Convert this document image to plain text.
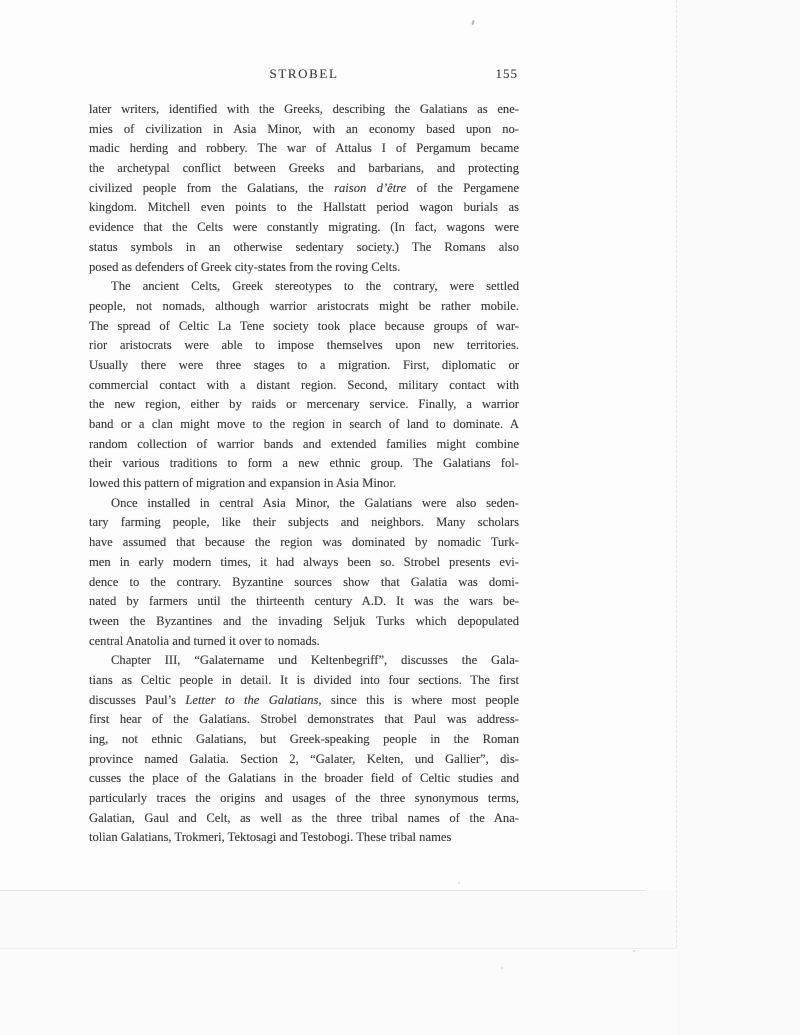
STROBEL	155
later writers, identified with the Greeks, describing the Galatians as ene-
mies of civilization in Asia Minor, with an economy based upon no-
madic herding and robbery. The war of Attalus I of Pergamum became
the archetypal conflict between Greeks and barbarians, and protecting
civilized people from the Galatians, the raison d’être of the Pergamene
kingdom. Mitchell even points to the Hallstatt period wagon burials as
evidence that the Celts were constantly migrating. (In fact, wagons were
status symbols in an otherwise sedentary society.) The Romans also
posed as defenders of Greek city-states from the roving Celts.
The ancient Celts, Greek stereotypes to the contrary, were settled
people, not nomads, although warrior aristocrats might be rather mobile.
The spread of Celtic La Tene society took place because groups of war-
rior aristocrats were able to impose themselves upon new territories.
Usually there were three stages to a migration. First, diplomatic or
commercial contact with a distant region. Second, military contact with
the new region, either by raids or mercenary service. Finally, a warrior
band or a clan might move to the region in search of land to dominate. A
random collection of warrior bands and extended families might combine
their various traditions to form a new ethnic group. The Galatians fol-
lowed this pattern of migration and expansion in Asia Minor.
Once installed in central Asia Minor, the Galatians were also seden-
tary farming people, like their subjects and neighbors. Many scholars
have assumed that because the region was dominated by nomadic Turk-
men in early modern times, it had always been so. Strobel presents evi-
dence to the contrary. Byzantine sources show that Galatia was domi-
nated by farmers until the thirteenth century A.D. It was the wars be-
tween the Byzantines and the invading Seljuk Turks which depopulated
central Anatolia and turned it over to nomads.
Chapter III, “Galatername und Keltenbegriff”, discusses the Gala-
tians as Celtic people in detail. It is divided into four sections. The first
discusses Paul’s Letter to the Galatians, since this is where most people
first hear of the Galatians. Strobel demonstrates that Paul was address-
ing, not ethnic Galatians, but Greek-speaking people in the Roman
province named Galatia. Section 2, “Galater, Kelten, und Gallier”, dis-
cusses the place of the Galatians in the broader field of Celtic studies and
particularly traces the origins and usages of the three synonymous terms,
Galatian, Gaul and Celt, as well as the three tribal names of the Ana-
tolian Galatians, Trokmeri, Tektosagi and Testobogi. These tribal names
